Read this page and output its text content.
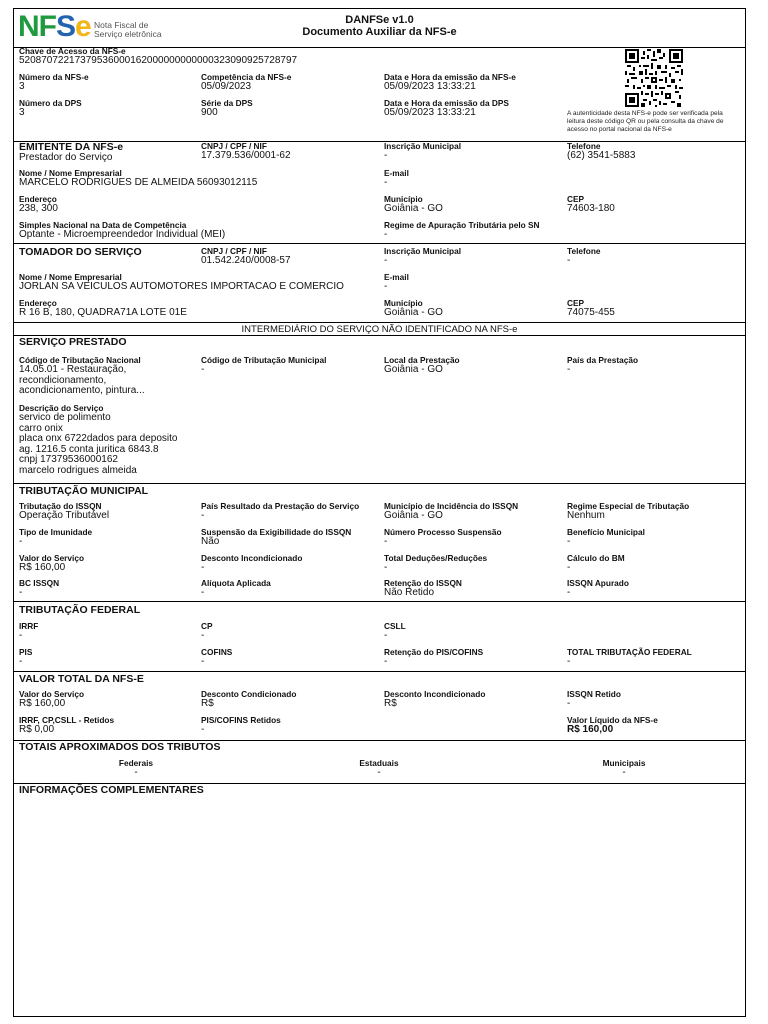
NFSe Nota Fiscal de
Serviço eletrônica
DANFSe v1.0
Documento Auxiliar da NFS-e
Chave de Acesso da NFS-e
52087072217379536000162000000000000323090925728797
Número da NFS-e
3
Competência da NFS-e
05/09/2023
Data e Hora da emissão da NFS-e
05/09/2023 13:33:21
Número da DPS
3
Série da DPS
900
Data e Hora da emissão da DPS
05/09/2023 13:33:21	A autenticidade desta NFS-e pode ser verificada pela leitura deste código QR ou pela consulta da chave de acesso no portal nacional da NFS-e
EMITENTE DA NFS-e
Prestador do Serviço
CNPJ / CPF / NIF
17.379.536/0001-62
Inscrição Municipal
-
Telefone
(62) 3541-5883
Nome / Nome Empresarial
MARCELO RODRIGUES DE ALMEIDA 56093012115
E-mail
-
Endereço
238, 300
Município
Goiânia - GO
CEP
74603-180
Simples Nacional na Data de Competência
Optante - Microempreendedor Individual (MEI)
Regime de Apuração Tributária pelo SN
-
TOMADOR DO SERVIÇO	CNPJ / CPF / NIF
01.542.240/0008-57
Inscrição Municipal
-
Telefone
-
Nome / Nome Empresarial
JORLAN SA VEICULOS AUTOMOTORES IMPORTACAO E COMERCIO
E-mail
-
Endereço
R 16 B, 180, QUADRA71A LOTE 01E
Município
Goiânia - GO
CEP
74075-455
INTERMEDIÁRIO DO SERVIÇO NÃO IDENTIFICADO NA NFS-e
SERVIÇO PRESTADO
Código de Tributação Nacional
14.05.01 - Restauração,
recondicionamento,
acondicionamento, pintura...
Código de Tributação Municipal
-
Local da Prestação
Goiânia - GO
País da Prestação
-
Descrição do Serviço
servico de polimento
carro onix
placa onx 6722dados para deposito
ag. 1216.5 conta juritica 6843.8
cnpj 17379536000162
marcelo rodrigues almeida
TRIBUTAÇÃO MUNICIPAL
Tributação do ISSQN
Operação Tributável
País Resultado da Prestação do Serviço
-
Município de Incidência do ISSQN
Goiânia - GO
Regime Especial de Tributação
Nenhum
Tipo de Imunidade
-
Suspensão da Exigibilidade do ISSQN
Não
Número Processo Suspensão
-
Benefício Municipal
-
Valor do Serviço
R$ 160,00
Desconto Incondicionado
-
Total Deduções/Reduções
-
Cálculo do BM
-
BC ISSQN
-
Alíquota Aplicada
-
Retenção do ISSQN
Não Retido
ISSQN Apurado
-
TRIBUTAÇÃO FEDERAL
IRRF
-
CP
-
CSLL
-
PIS
-
COFINS
-
Retenção do PIS/COFINS
-
TOTAL TRIBUTAÇÃO FEDERAL
-
VALOR TOTAL DA NFS-E
Valor do Serviço
R$ 160,00
Desconto Condicionado
R$
Desconto Incondicionado
R$
ISSQN Retido
-
IRRF, CP,CSLL - Retidos
R$ 0,00
PIS/COFINS Retidos
-
Valor Líquido da NFS-e
R$ 160,00
TOTAIS APROXIMADOS DOS TRIBUTOS
Federais
-
Estaduais
-
Municipais
-
INFORMAÇÕES COMPLEMENTARES
